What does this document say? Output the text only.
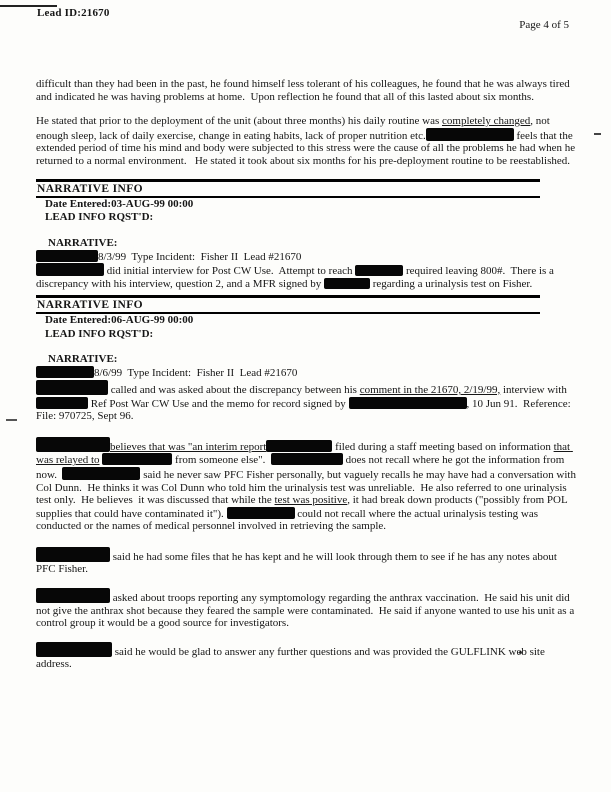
Lead ID:21670
Page 4 of 5

difficult than they had been in the past, he found himself less tolerant of his colleagues, he found that he was always tired and indicated he was having problems at home.  Upon reflection he found that all of this lasted about six months.

He stated that prior to the deployment of the unit (about three months) his daily routine was completely changed, not enough sleep, lack of daily exercise, change in eating habits, lack of proper nutrition etc.	feels that the extended period of time his mind and body were subjected to this stress were the cause of all the problems he had when he returned to a normal environment.   He stated it took about six months for his pre-deployment routine to be reestablished.

NARRATIVE INFO
Date Entered:03-AUG-99 00:00
LEAD INFO RQST'D:
NARRATIVE:

8/3/99  Type Incident:  Fisher II  Lead #21670

did initial interview for Post CW Use.  Attempt to reach	required leaving 800#.  There is a discrepancy with his interview, question 2, and a MFR signed by	regarding a urinalysis test on Fisher.

NARRATIVE INFO
Date Entered:06-AUG-99 00:00
LEAD INFO RQST'D:
NARRATIVE:

8/6/99  Type Incident:  Fisher II  Lead #21670

called and was asked about the discrepancy between his comment in the 21670, 2/19/99, interview with  Ref Post War CW Use and the memo for record signed by	, 10 Jun 91.  Reference: File: 970725, Sept 96.

believes that was "an interim report	filed during a staff meeting based on information that was relayed to	from someone else".	does not recall where he got the information from now.	said he never saw PFC Fisher personally, but vaguely recalls he may have had a conversation with Col Dunn.  He thinks it was Col Dunn who told him the urinalysis test was unreliable.  He also referred to one urinalysis test only.  He believes  it was discussed that while the test was positive, it had break down products ("possibly from POL supplies that could have contaminated it").	could not recall where the actual urinalysis testing was conducted or the names of medical personnel involved in retrieving the sample.

said he had some files that he has kept and he will look through them to see if he has any notes about PFC Fisher.

asked about troops reporting any symptomology regarding the anthrax vaccination.  He said his unit did not give the anthrax shot because they feared the sample were contaminated.  He said if anyone wanted to use his unit as a control group it would be a good source for investigators.

said he would be glad to answer any further questions and was provided the GULFLINK web site address.
